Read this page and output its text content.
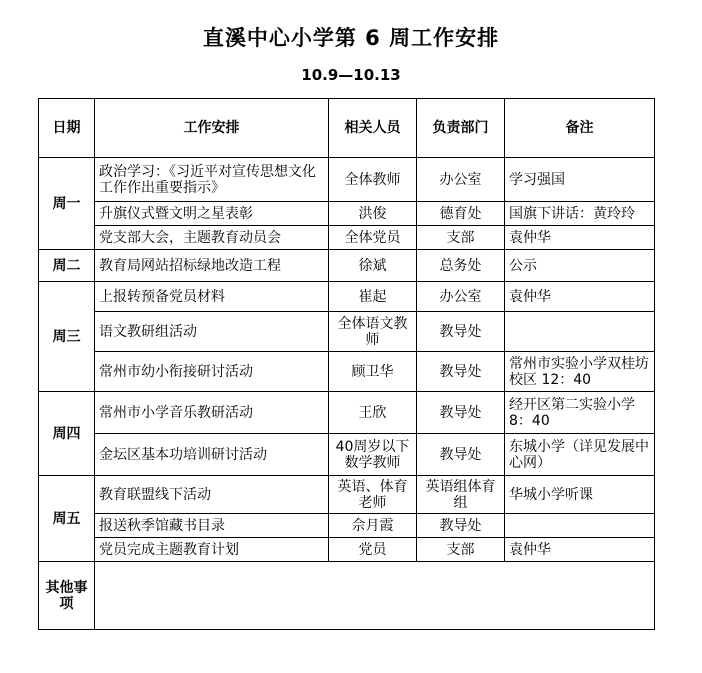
直溪中心小学第 6 周工作安排
10.9—10.13
日期	工作安排	相关人员	负责部门	备注
周一	政治学习：《习近平对宣传思想文化工作作出重要指示》	全体教师	办公室	学习强国
	升旗仪式暨文明之星表彰	洪俊	德育处	国旗下讲话：黄玲玲
	党支部大会，主题教育动员会	全体党员	支部	袁仲华
周二	教育局网站招标绿地改造工程	徐斌	总务处	公示
周三	上报转预备党员材料	崔起	办公室	袁仲华
	语文教研组活动	全体语文教师	教导处	
	常州市幼小衔接研讨活动	顾卫华	教导处	常州市实验小学双桂坊校区 12：40
周四	常州市小学音乐教研活动	王欣	教导处	经开区第二实验小学　8：40
	金坛区基本功培训研讨活动	40周岁以下数学教师	教导处	东城小学（详见发展中心网）
周五	教育联盟线下活动	英语、体育老师	英语组体育组	华城小学听课
	报送秋季馆藏书目录	佘月霞	教导处	
	党员完成主题教育计划	党员	支部	袁仲华
其他事项				
